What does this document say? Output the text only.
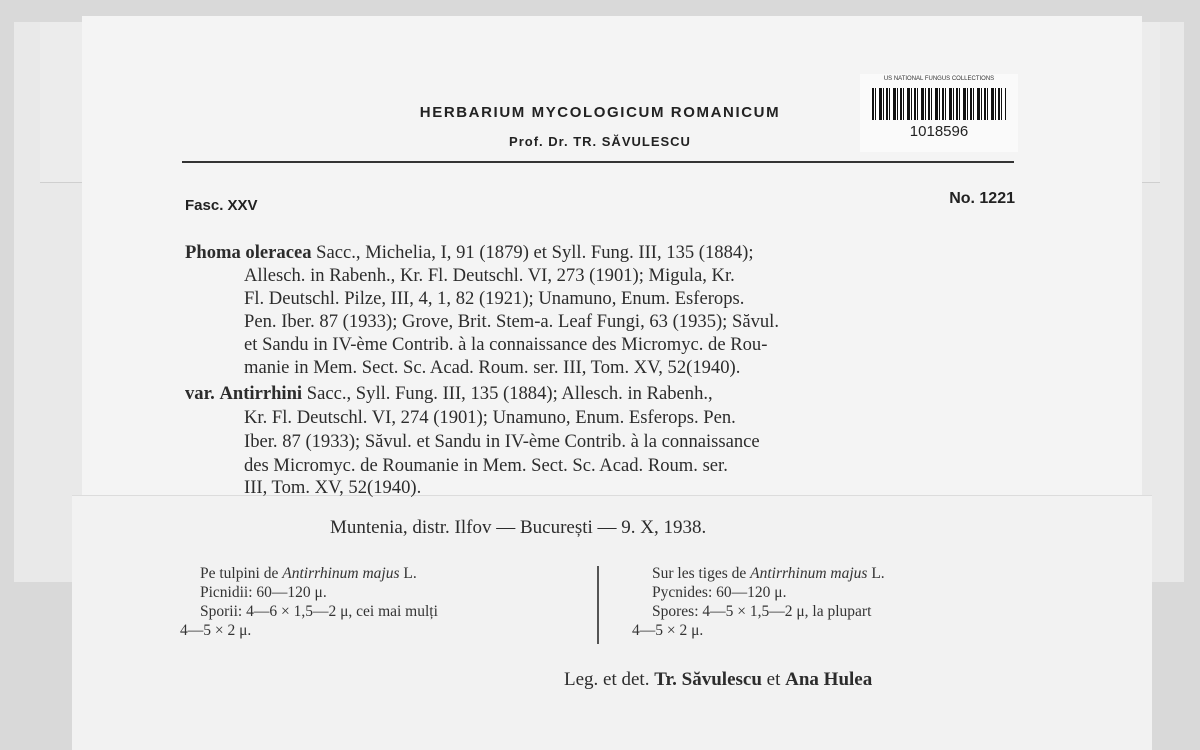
HERBARIUM MYCOLOGICUM ROMANICUM
Prof. Dr. TR. SĂVULESCU
US NATIONAL FUNGUS COLLECTIONS
1018596
Fasc. XXV	No. 1221
Phoma oleracea Sacc., Michelia, I, 91 (1879) et Syll. Fung. III, 135 (1884);
Allesch. in Rabenh., Kr. Fl. Deutschl. VI, 273 (1901); Migula, Kr.
Fl. Deutschl. Pilze, III, 4, 1, 82 (1921); Unamuno, Enum. Esferops.
Pen. Iber. 87 (1933); Grove, Brit. Stem-a. Leaf Fungi, 63 (1935); Săvul.
et Sandu in IV-ème Contrib. à la connaissance des Micromyc. de Rou-
manie in Mem. Sect. Sc. Acad. Roum. ser. III, Tom. XV, 52(1940).
var. Antirrhini Sacc., Syll. Fung. III, 135 (1884); Allesch. in Rabenh.,
Kr. Fl. Deutschl. VI, 274 (1901); Unamuno, Enum. Esferops. Pen.
Iber. 87 (1933); Săvul. et Sandu in IV-ème Contrib. à la connaissance
des Micromyc. de Roumanie in Mem. Sect. Sc. Acad. Roum. ser.
III, Tom. XV, 52(1940).
Muntenia, distr. Ilfov — București — 9. X, 1938.
Pe tulpini de Antirrhinum majus L.
Picnidii: 60—120 μ.
Sporii: 4—6 × 1,5—2 μ, cei mai mulți
4—5 × 2 μ.
Sur les tiges de Antirrhinum majus L.
Pycnides: 60—120 μ.
Spores: 4—5 × 1,5—2 μ, la plupart
4—5 × 2 μ.
Leg. et det. Tr. Săvulescu et Ana Hulea
